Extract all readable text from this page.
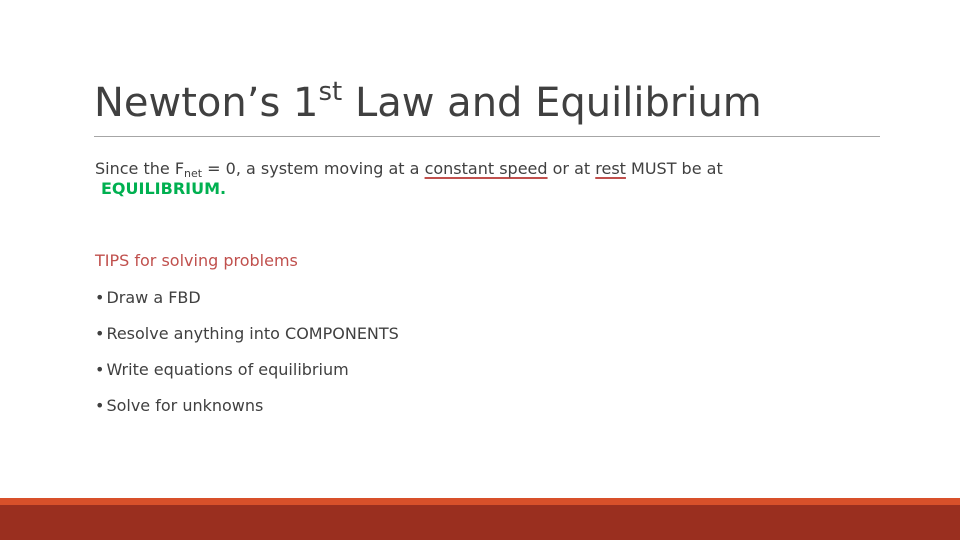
Newton’s 1st Law and Equilibrium
Since the $F_{net} = 0$, a system moving at a constant speed or at rest MUST be at
EQUILIBRIUM.
TIPS for solving problems
• Draw a FBD
• Resolve anything into COMPONENTS
• Write equations of equilibrium
• Solve for unknowns
